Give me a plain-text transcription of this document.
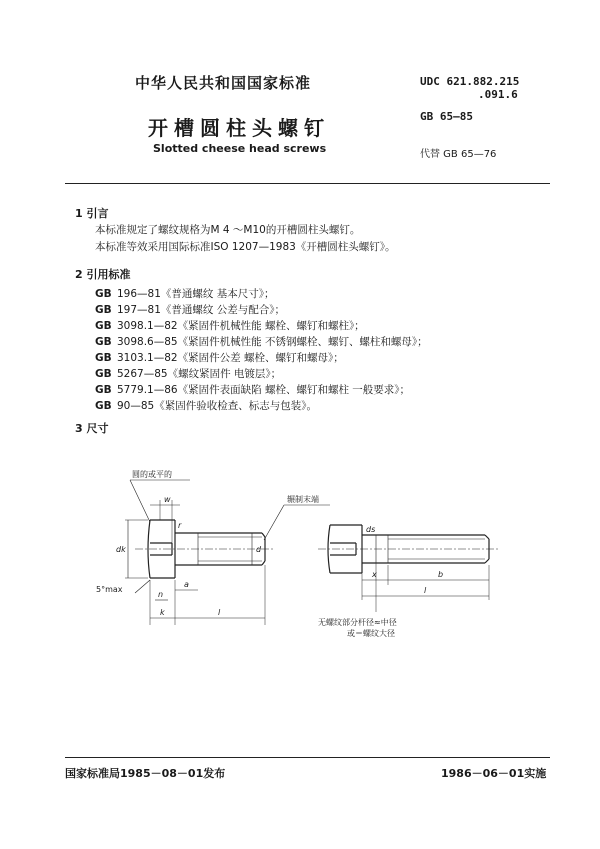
中华人民共和国国家标准
开槽圆柱头螺钉
Slotted cheese head screws
UDC 621.882.215
.091.6
GB 65—85
代替 GB 65—76
1 引言
本标准规定了螺纹规格为M 4 ～M10的开槽圆柱头螺钉。
本标准等效采用国际标准ISO 1207—1983《开槽圆柱头螺钉》。
2 引用标准
GB 196—81《普通螺纹 基本尺寸》；
GB 197—81《普通螺纹 公差与配合》；
GB 3098.1—82《紧固件机械性能 螺栓、螺钉和螺柱》；
GB 3098.6—85《紧固件机械性能 不锈钢螺栓、螺钉、螺柱和螺母》；
GB 3103.1—82《紧固件公差 螺栓、螺钉和螺母》；
GB 5267—85《螺纹紧固件 电镀层》；
GB 5779.1—86《紧固件表面缺陷 螺栓、螺钉和螺柱 一般要求》；
GB 90—85《紧固件验收检查、标志与包装》。
3 尺寸
圆的或平的
辗制末端
w
r
dk	d
a
5°max
n
k	l
x	b
l
ds
无螺纹部分杆径≈中径
或＝螺纹大径
国家标准局1985－08－01发布	1986－06－01实施
